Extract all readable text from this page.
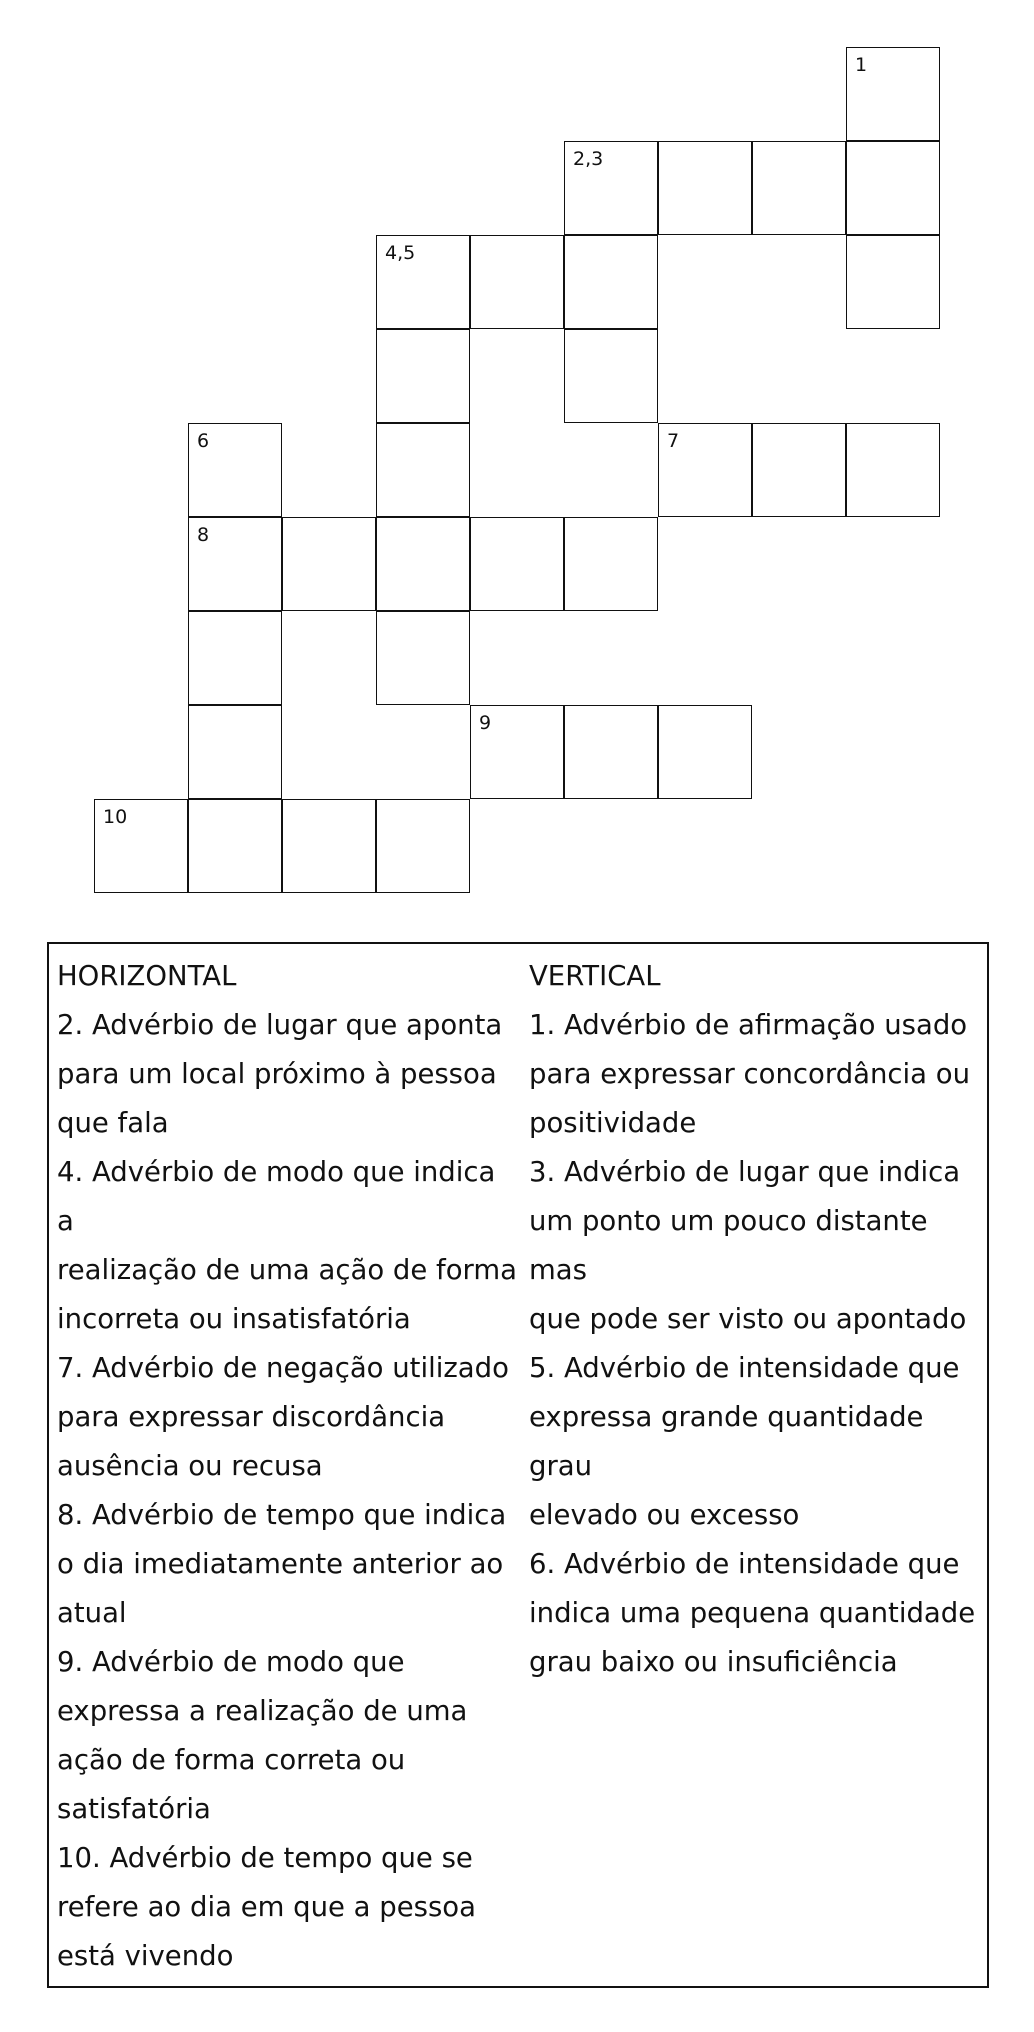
1
2,3
4,5
6	7
8
9
10
HORIZONTAL
2. Advérbio de lugar que aponta
para um local próximo à pessoa
que fala
4. Advérbio de modo que indica a
realização de uma ação de forma
incorreta ou insatisfatória
7. Advérbio de negação utilizado
para expressar discordância
ausência ou recusa
8. Advérbio de tempo que indica
o dia imediatamente anterior ao
atual
9. Advérbio de modo que
expressa a realização de uma
ação de forma correta ou
satisfatória
10. Advérbio de tempo que se
refere ao dia em que a pessoa
está vivendo
VERTICAL
1. Advérbio de afirmação usado
para expressar concordância ou
positividade
3. Advérbio de lugar que indica
um ponto um pouco distante mas
que pode ser visto ou apontado
5. Advérbio de intensidade que
expressa grande quantidade grau
elevado ou excesso
6. Advérbio de intensidade que
indica uma pequena quantidade
grau baixo ou insuficiência
